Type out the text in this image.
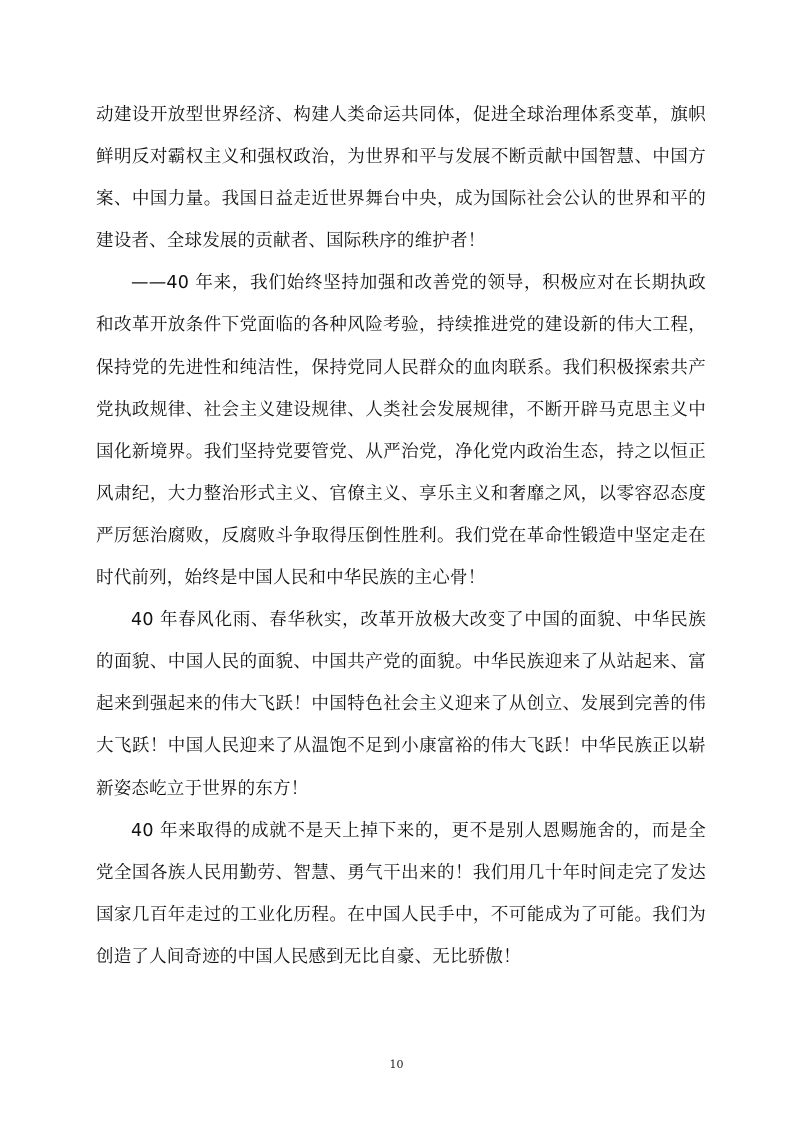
动建设开放型世界经济、构建人类命运共同体，促进全球治理体系变革，旗帜鲜明反对霸权主义和强权政治，为世界和平与发展不断贡献中国智慧、中国方案、中国力量。我国日益走近世界舞台中央，成为国际社会公认的世界和平的建设者、全球发展的贡献者、国际秩序的维护者！

——40 年来，我们始终坚持加强和改善党的领导，积极应对在长期执政和改革开放条件下党面临的各种风险考验，持续推进党的建设新的伟大工程，保持党的先进性和纯洁性，保持党同人民群众的血肉联系。我们积极探索共产党执政规律、社会主义建设规律、人类社会发展规律，不断开辟马克思主义中国化新境界。我们坚持党要管党、从严治党，净化党内政治生态，持之以恒正风肃纪，大力整治形式主义、官僚主义、享乐主义和奢靡之风，以零容忍态度严厉惩治腐败，反腐败斗争取得压倒性胜利。我们党在革命性锻造中坚定走在时代前列，始终是中国人民和中华民族的主心骨！

40 年春风化雨、春华秋实，改革开放极大改变了中国的面貌、中华民族的面貌、中国人民的面貌、中国共产党的面貌。中华民族迎来了从站起来、富起来到强起来的伟大飞跃！中国特色社会主义迎来了从创立、发展到完善的伟大飞跃！中国人民迎来了从温饱不足到小康富裕的伟大飞跃！中华民族正以崭新姿态屹立于世界的东方！

40 年来取得的成就不是天上掉下来的，更不是别人恩赐施舍的，而是全党全国各族人民用勤劳、智慧、勇气干出来的！我们用几十年时间走完了发达国家几百年走过的工业化历程。在中国人民手中，不可能成为了可能。我们为创造了人间奇迹的中国人民感到无比自豪、无比骄傲！

10
